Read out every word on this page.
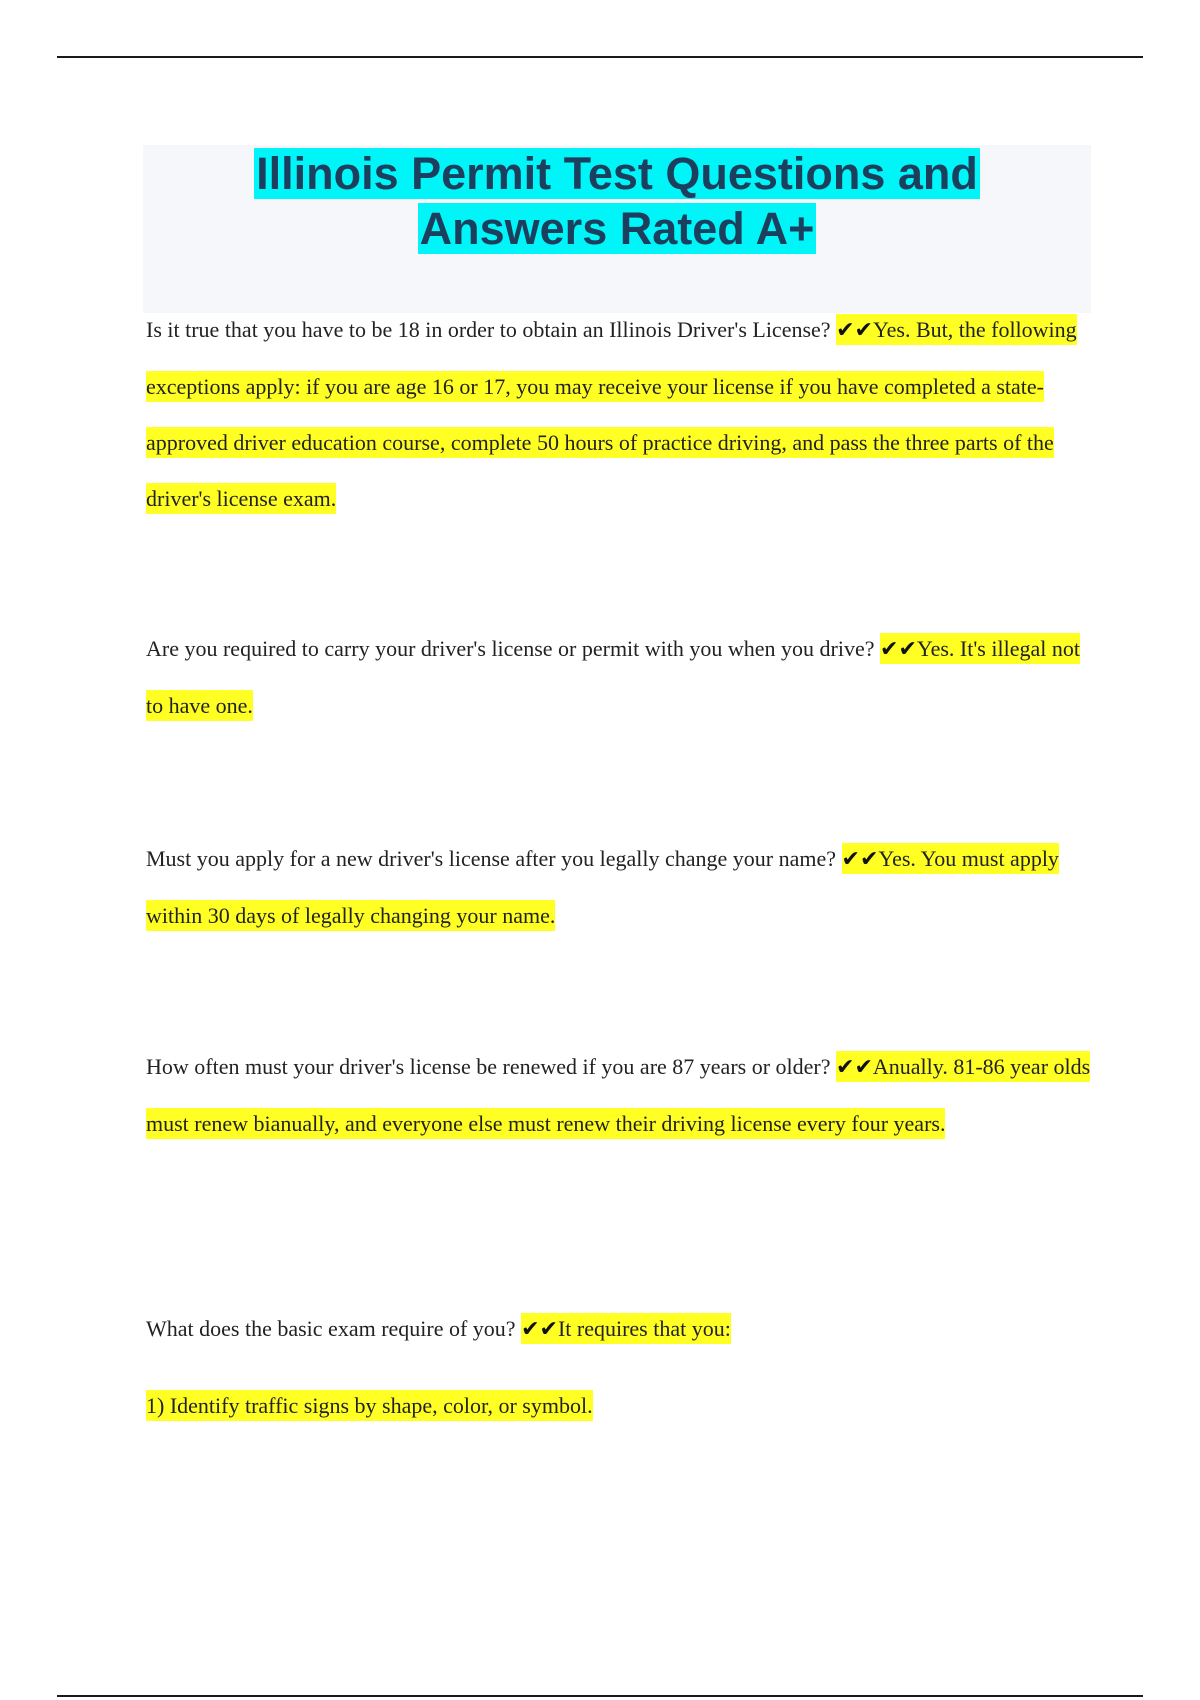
Illinois Permit Test Questions and
Answers Rated A+
Is it true that you have to be 18 in order to obtain an Illinois Driver's License? ✔✔Yes. But, the following exceptions apply: if you are age 16 or 17, you may receive your license if you have completed a state-approved driver education course, complete 50 hours of practice driving, and pass the three parts of the driver's license exam.
Are you required to carry your driver's license or permit with you when you drive? ✔✔Yes. It's illegal not to have one.
Must you apply for a new driver's license after you legally change your name? ✔✔Yes. You must apply within 30 days of legally changing your name.
How often must your driver's license be renewed if you are 87 years or older? ✔✔Anually. 81-86 year olds must renew bianually, and everyone else must renew their driving license every four years.
What does the basic exam require of you? ✔✔It requires that you:
1) Identify traffic signs by shape, color, or symbol.
